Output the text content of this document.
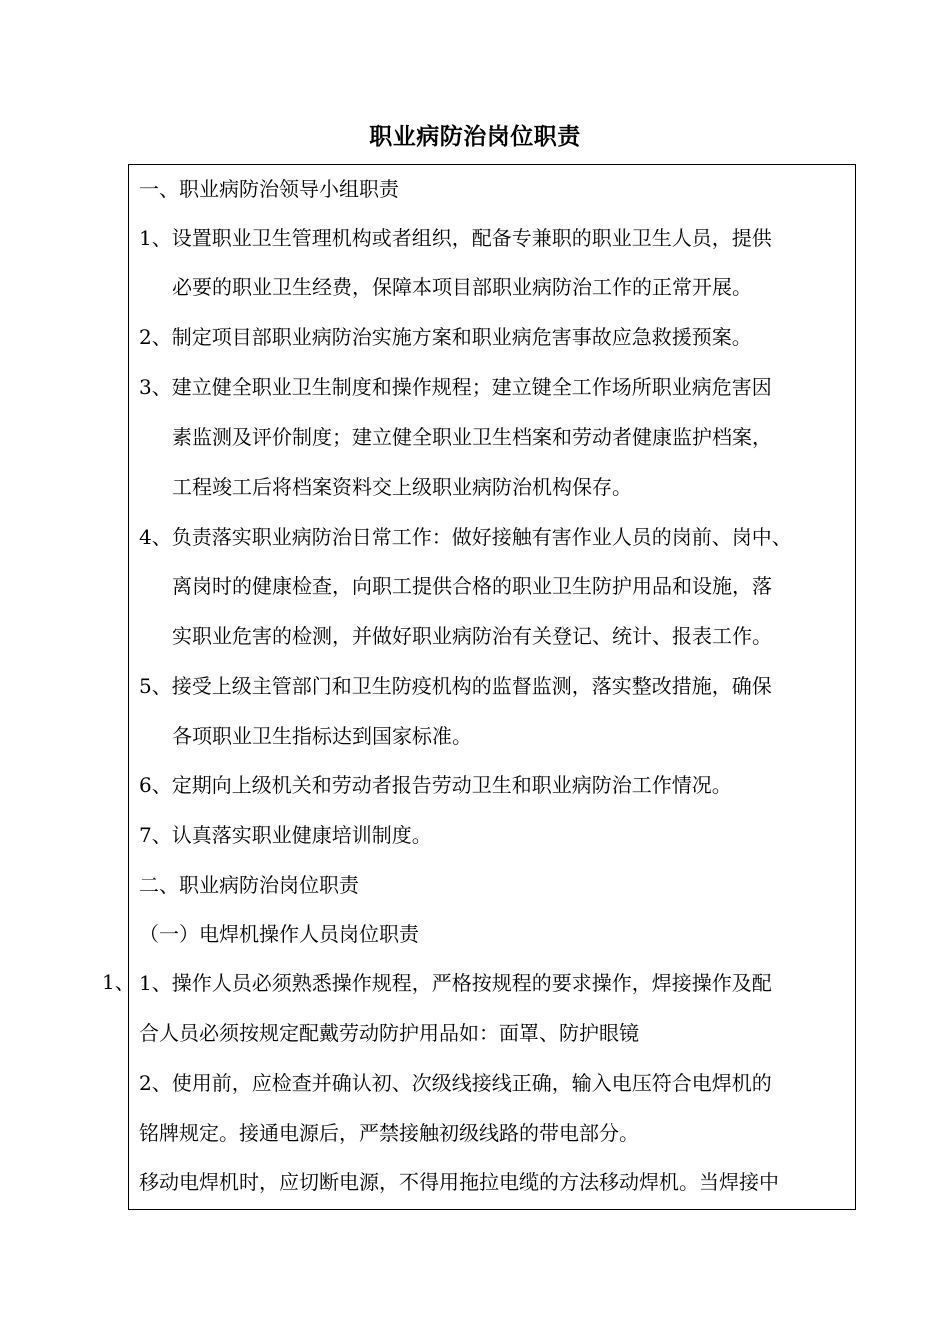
职业病防治岗位职责
1、
一、职业病防治领导小组职责
1、设置职业卫生管理机构或者组织，配备专兼职的职业卫生人员，提供
必要的职业卫生经费，保障本项目部职业病防治工作的正常开展。
2、制定项目部职业病防治实施方案和职业病危害事故应急救援预案。
3、建立健全职业卫生制度和操作规程；建立键全工作场所职业病危害因
素监测及评价制度；建立健全职业卫生档案和劳动者健康监护档案，
工程竣工后将档案资料交上级职业病防治机构保存。
4、负责落实职业病防治日常工作：做好接触有害作业人员的岗前、岗中、
离岗时的健康检查，向职工提供合格的职业卫生防护用品和设施，落
实职业危害的检测，并做好职业病防治有关登记、统计、报表工作。
5、接受上级主管部门和卫生防疫机构的监督监测，落实整改措施，确保
各项职业卫生指标达到国家标准。
6、定期向上级机关和劳动者报告劳动卫生和职业病防治工作情况。
7、认真落实职业健康培训制度。
二、职业病防治岗位职责
（一）电焊机操作人员岗位职责
1、操作人员必须熟悉操作规程，严格按规程的要求操作，焊接操作及配
合人员必须按规定配戴劳动防护用品如：面罩、防护眼镜
2、使用前，应检查并确认初、次级线接线正确，输入电压符合电焊机的
铭牌规定。接通电源后，严禁接触初级线路的带电部分。
移动电焊机时，应切断电源，不得用拖拉电缆的方法移动焊机。当焊接中
